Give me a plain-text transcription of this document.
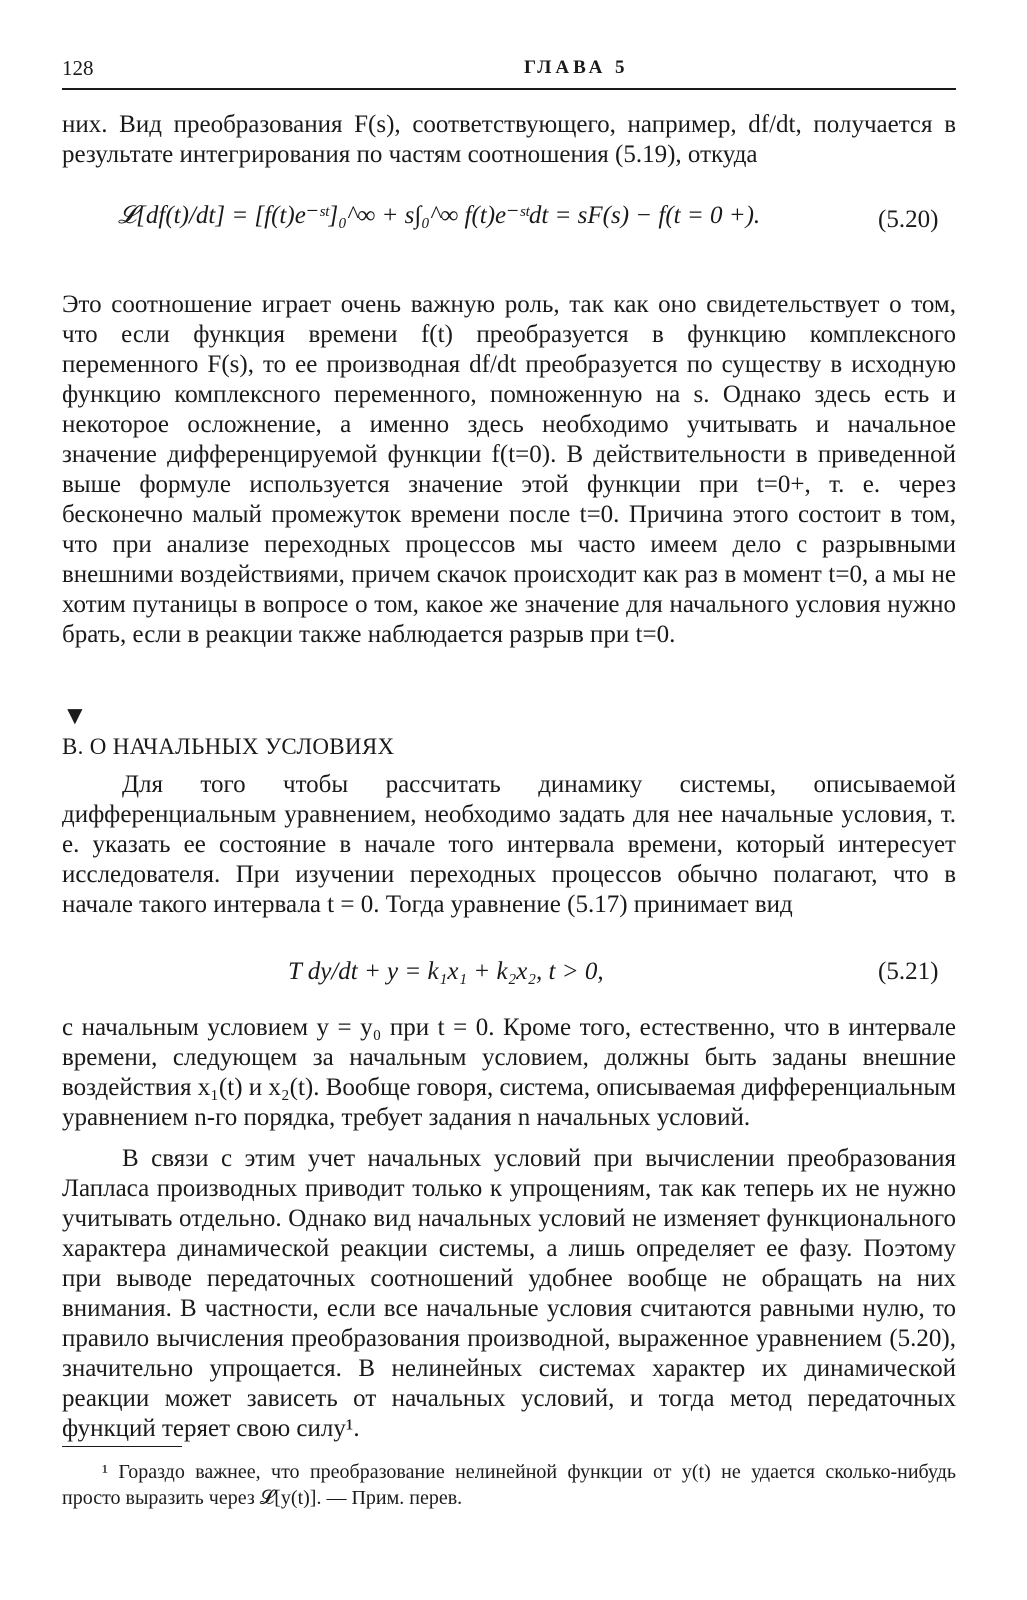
128	ГЛАВА 5

них. Вид преобразования F(s), соответствующего, например, df/dt, получается в результате интегрирования по частям соотношения (5.19), откуда

𝓛[df(t)/dt] = [f(t)e⁻ˢᵗ]₀^∞ + s∫₀^∞ f(t)e⁻ˢᵗdt = sF(s) − f(t = 0 +).	(5.20)

Это соотношение играет очень важную роль, так как оно свидетельствует о том, что если функция времени f(t) преобразуется в функцию комплексного переменного F(s), то ее производная df/dt преобразуется по существу в исходную функцию комплексного переменного, помноженную на s. Однако здесь есть и некоторое осложнение, а именно здесь необходимо учитывать и начальное значение дифференцируемой функции f(t=0). В действительности в приведенной выше формуле используется значение этой функции при t=0+, т. е. через бесконечно малый промежуток времени после t=0. Причина этого состоит в том, что при анализе переходных процессов мы часто имеем дело с разрывными внешними воздействиями, причем скачок происходит как раз в момент t=0, а мы не хотим путаницы в вопросе о том, какое же значение для начального условия нужно брать, если в реакции также наблюдается разрыв при t=0.

▼
В. О НАЧАЛЬНЫХ УСЛОВИЯХ

Для того чтобы рассчитать динамику системы, описываемой дифференциальным уравнением, необходимо задать для нее начальные условия, т. е. указать ее состояние в начале того интервала времени, который интересует исследователя. При изучении переходных процессов обычно полагают, что в начале такого интервала t = 0. Тогда уравнение (5.17) принимает вид

T dy/dt + y = k₁x₁ + k₂x₂, t > 0,	(5.21)

с начальным условием y = y₀ при t = 0. Кроме того, естественно, что в интервале времени, следующем за начальным условием, должны быть заданы внешние воздействия x₁(t) и x₂(t). Вообще говоря, система, описываемая дифференциальным уравнением n-го порядка, требует задания n начальных условий.

В связи с этим учет начальных условий при вычислении преобразования Лапласа производных приводит только к упрощениям, так как теперь их не нужно учитывать отдельно. Однако вид начальных условий не изменяет функционального характера динамической реакции системы, а лишь определяет ее фазу. Поэтому при выводе передаточных соотношений удобнее вообще не обращать на них внимания. В частности, если все начальные условия считаются равными нулю, то правило вычисления преобразования производной, выраженное уравнением (5.20), значительно упрощается. В нелинейных системах характер их динамической реакции может зависеть от начальных условий, и тогда метод передаточных функций теряет свою силу¹.

¹ Гораздо важнее, что преобразование нелинейной функции от y(t) не удается сколько-нибудь просто выразить через 𝓛[y(t)]. — Прим. перев.
